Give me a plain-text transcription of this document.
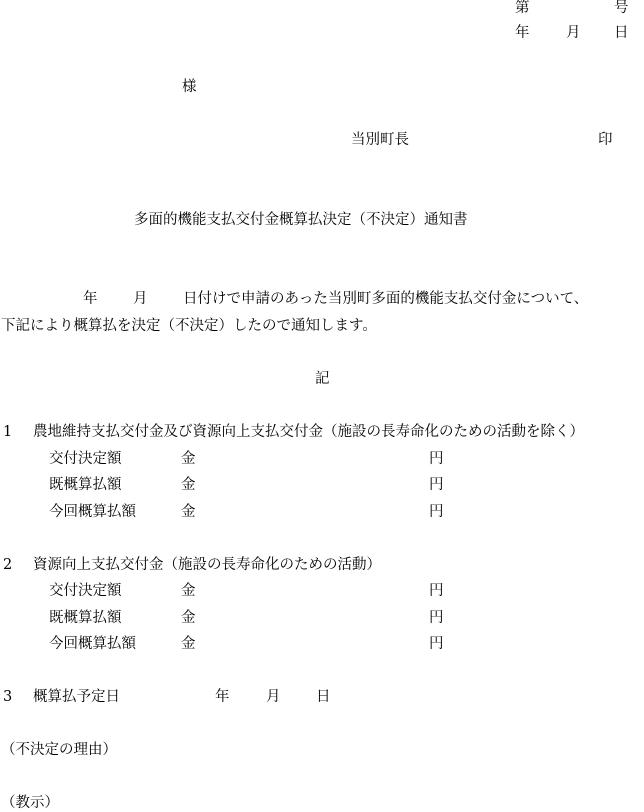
第	号
年	月 日
様
当別町長	印
多面的機能支払交付金概算払決定（不決定）通知書
年 月 日付けで申請のあった当別町多面的機能支払交付金について、
下記により概算払を決定（不決定）したので通知します。
記
1 農地維持支払交付金及び資源向上支払交付金（施設の長寿命化のための活動を除く）
交付決定額	金	円
既概算払額	金	円
今回概算払額	金	円
2 資源向上支払交付金（施設の長寿命化のための活動）
交付決定額	金	円
既概算払額	金	円
今回概算払額	金	円
3 概算払予定日	年	月 日
（不決定の理由）
（教示）
